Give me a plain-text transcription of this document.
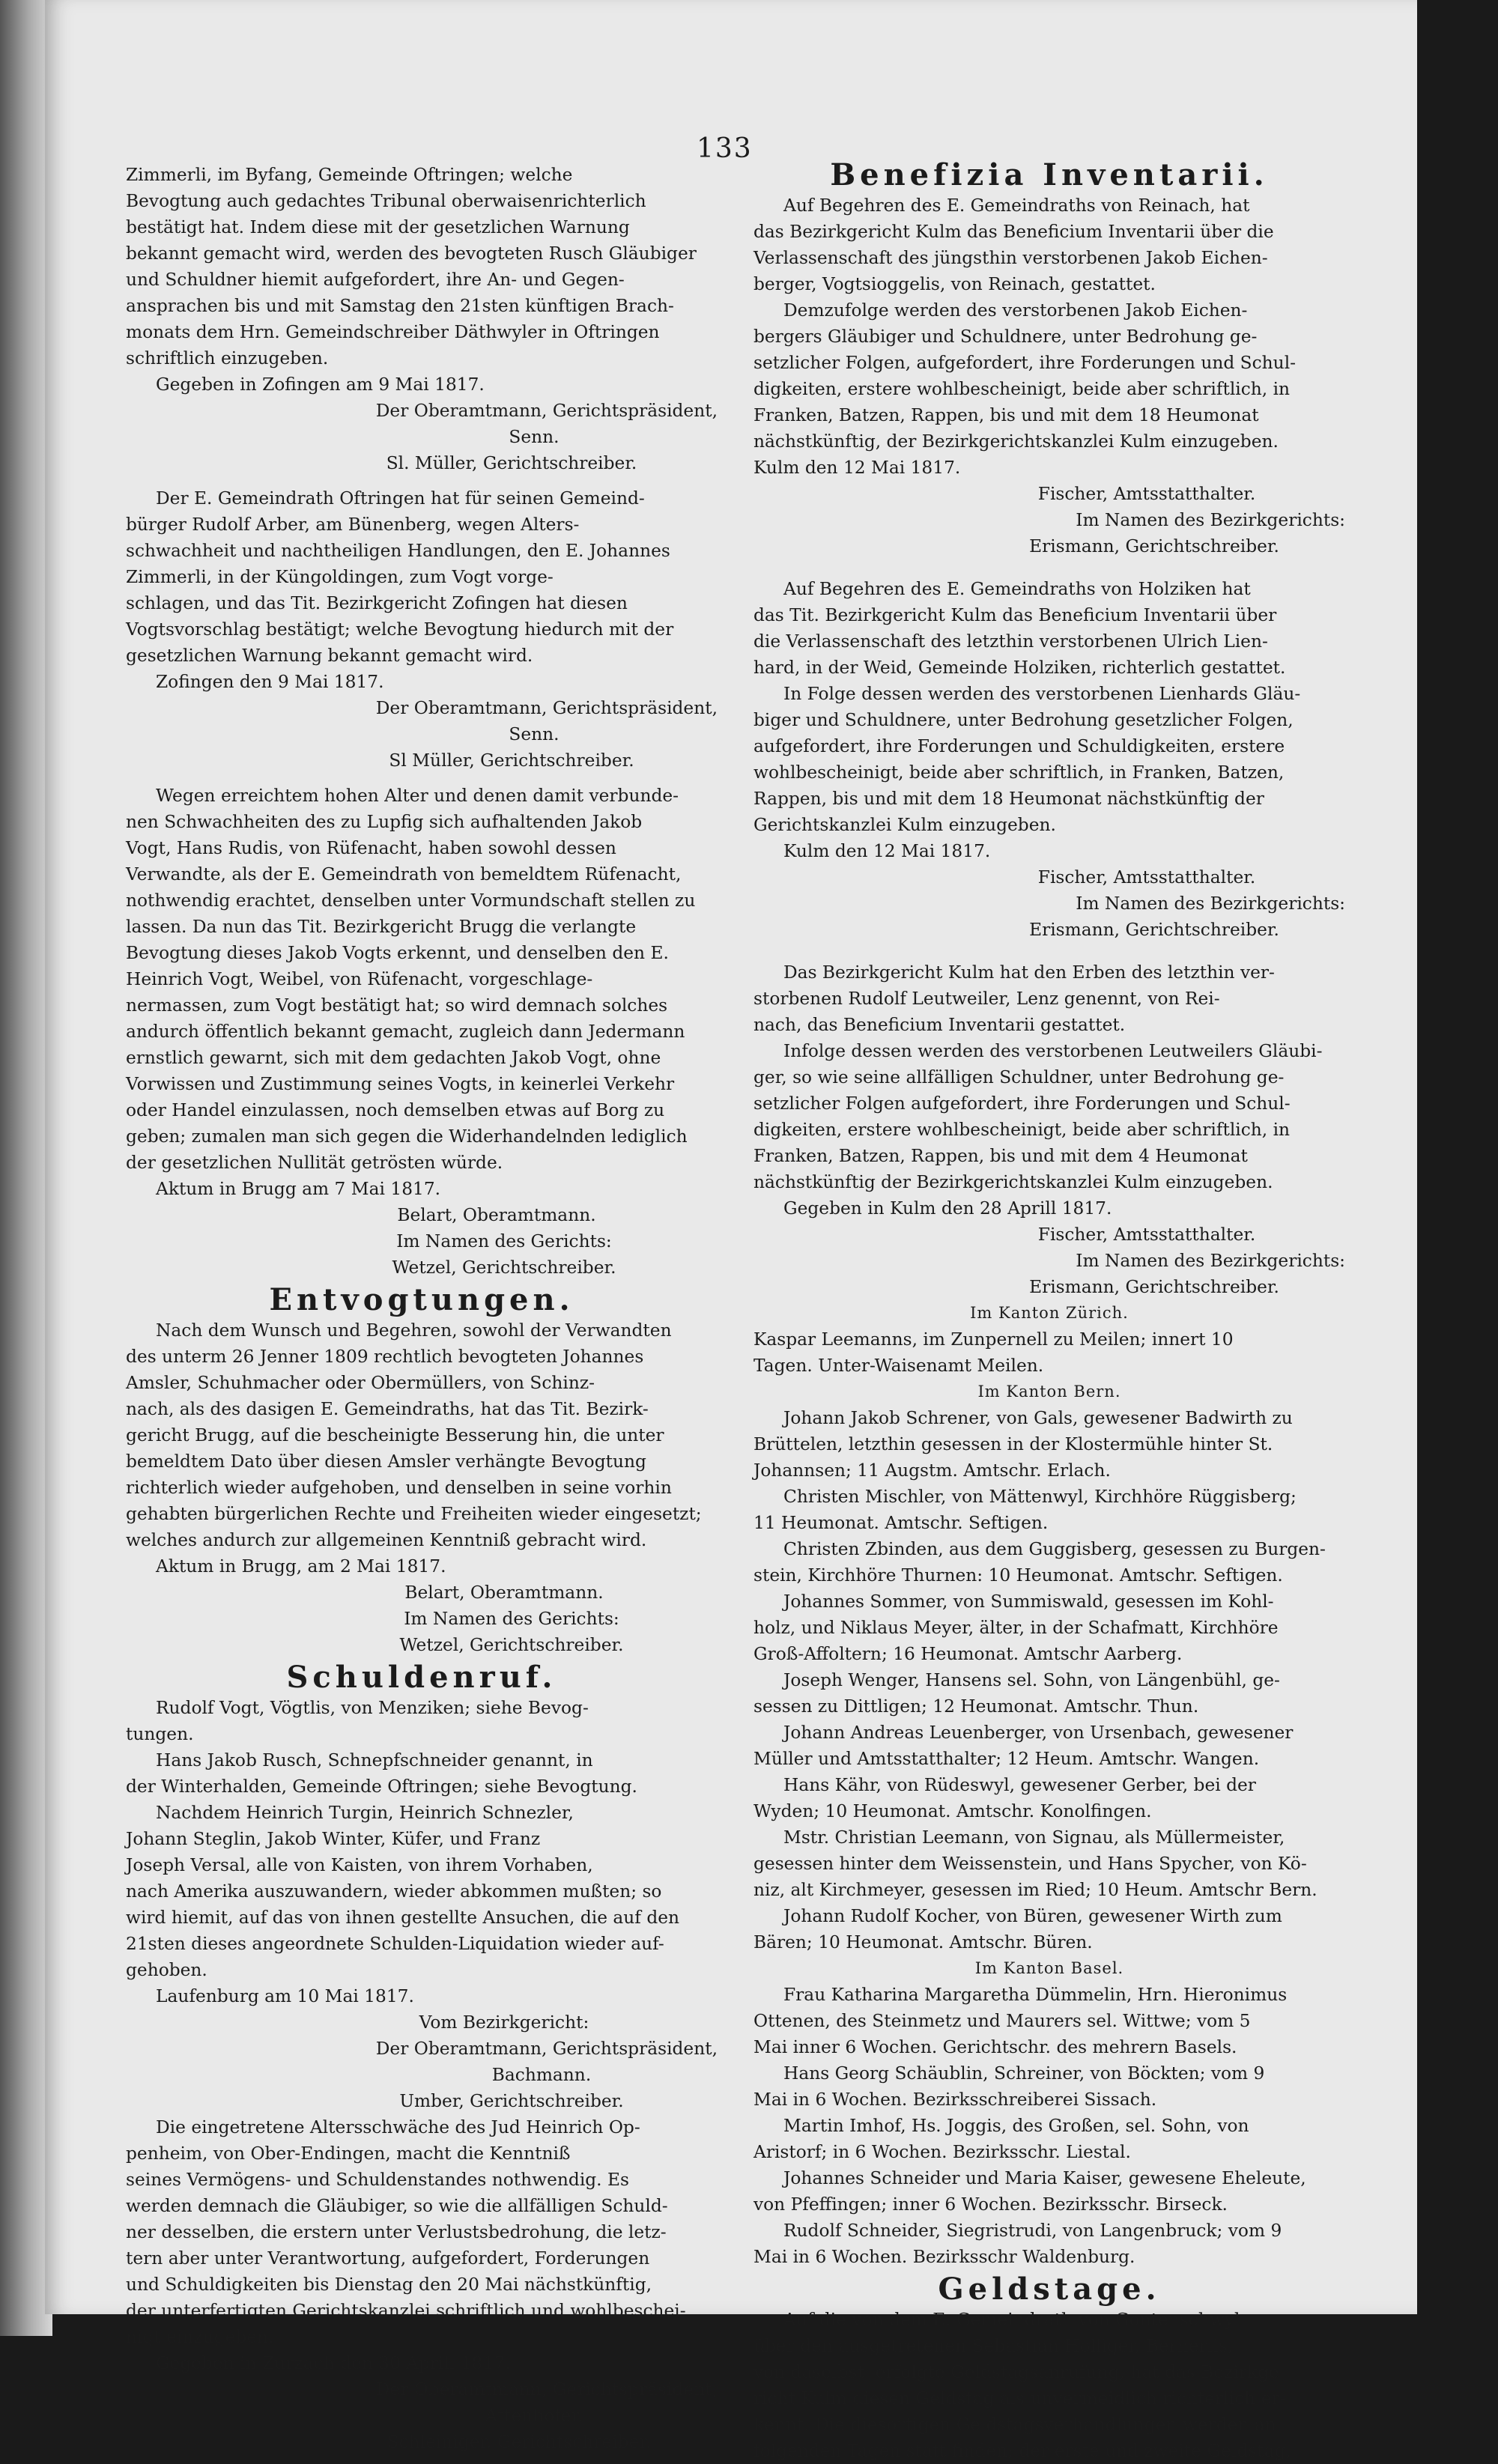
133

Zimmerli, im Byfang, Gemeinde Oftringen; welche

Bevogtung auch gedachtes Tribunal oberwaisenrichterlich

bestätigt hat. Indem diese mit der gesetzlichen Warnung

bekannt gemacht wird, werden des bevogteten Rusch Gläubiger

und Schuldner hiemit aufgefordert, ihre An- und Gegen-

ansprachen bis und mit Samstag den 21sten künftigen Brach-

monats dem Hrn. Gemeindschreiber Däthwyler in Oftringen

schriftlich einzugeben.

Gegeben in Zofingen am 9 Mai 1817.

Der Oberamtmann, Gerichtspräsident,

Senn.

Sl. Müller, Gerichtschreiber.

Der E. Gemeindrath Oftringen hat für seinen Gemeind-

bürger Rudolf Arber, am Bünenberg, wegen Alters-

schwachheit und nachtheiligen Handlungen, den E. Johannes

Zimmerli, in der Küngoldingen, zum Vogt vorge-

schlagen, und das Tit. Bezirkgericht Zofingen hat diesen

Vogtsvorschlag bestätigt; welche Bevogtung hiedurch mit der

gesetzlichen Warnung bekannt gemacht wird.

Zofingen den 9 Mai 1817.

Der Oberamtmann, Gerichtspräsident,

Senn.

Sl Müller, Gerichtschreiber.

Wegen erreichtem hohen Alter und denen damit verbunde-

nen Schwachheiten des zu Lupfig sich aufhaltenden Jakob

Vogt, Hans Rudis, von Rüfenacht, haben sowohl dessen

Verwandte, als der E. Gemeindrath von bemeldtem Rüfenacht,

nothwendig erachtet, denselben unter Vormundschaft stellen zu

lassen. Da nun das Tit. Bezirkgericht Brugg die verlangte

Bevogtung dieses Jakob Vogts erkennt, und denselben den E.

Heinrich Vogt, Weibel, von Rüfenacht, vorgeschlage-

nermassen, zum Vogt bestätigt hat; so wird demnach solches

andurch öffentlich bekannt gemacht, zugleich dann Jedermann

ernstlich gewarnt, sich mit dem gedachten Jakob Vogt, ohne

Vorwissen und Zustimmung seines Vogts, in keinerlei Verkehr

oder Handel einzulassen, noch demselben etwas auf Borg zu

geben; zumalen man sich gegen die Widerhandelnden lediglich

der gesetzlichen Nullität getrösten würde.

Aktum in Brugg am 7 Mai 1817.

Belart, Oberamtmann.

Im Namen des Gerichts:

Wetzel, Gerichtschreiber.

Entvogtungen.

Nach dem Wunsch und Begehren, sowohl der Verwandten

des unterm 26 Jenner 1809 rechtlich bevogteten Johannes

Amsler, Schuhmacher oder Obermüllers, von Schinz-

nach, als des dasigen E. Gemeindraths, hat das Tit. Bezirk-

gericht Brugg, auf die bescheinigte Besserung hin, die unter

bemeldtem Dato über diesen Amsler verhängte Bevogtung

richterlich wieder aufgehoben, und denselben in seine vorhin

gehabten bürgerlichen Rechte und Freiheiten wieder eingesetzt;

welches andurch zur allgemeinen Kenntniß gebracht wird.

Aktum in Brugg, am 2 Mai 1817.

Belart, Oberamtmann.

Im Namen des Gerichts:

Wetzel, Gerichtschreiber.

Schuldenruf.

Rudolf Vogt, Vögtlis, von Menziken; siehe Bevog-

tungen.

Hans Jakob Rusch, Schnepfschneider genannt, in

der Winterhalden, Gemeinde Oftringen; siehe Bevogtung.

Nachdem Heinrich Turgin, Heinrich Schnezler,

Johann Steglin, Jakob Winter, Küfer, und Franz

Joseph Versal, alle von Kaisten, von ihrem Vorhaben,

nach Amerika auszuwandern, wieder abkommen mußten; so

wird hiemit, auf das von ihnen gestellte Ansuchen, die auf den

21sten dieses angeordnete Schulden-Liquidation wieder auf-

gehoben.

Laufenburg am 10 Mai 1817.

Vom Bezirkgericht:

Der Oberamtmann, Gerichtspräsident,

Bachmann.

Umber, Gerichtschreiber.

Die eingetretene Altersschwäche des Jud Heinrich Op-

penheim, von Ober-Endingen, macht die Kenntniß

seines Vermögens- und Schuldenstandes nothwendig. Es

werden demnach die Gläubiger, so wie die allfälligen Schuld-

ner desselben, die erstern unter Verlustsbedrohung, die letz-

tern aber unter Verantwortung, aufgefordert, Forderungen

und Schuldigkeiten bis Dienstag den 20 Mai nächstkünftig,

der unterfertigten Gerichtskanzlei schriftlich und wohlbeschei-

nigt einzugeben.

Gegeben in Zurzach den 30 Aprill 1817.

Der Oberamtmann, Gerichtspräsident,

Attenhofer.

Schleiniger, Gerichtschreiber.

Benefizia Inventarii.

Auf Begehren des E. Gemeindraths von Reinach, hat

das Bezirkgericht Kulm das Beneficium Inventarii über die

Verlassenschaft des jüngsthin verstorbenen Jakob Eichen-

berger, Vogtsioggelis, von Reinach, gestattet.

Demzufolge werden des verstorbenen Jakob Eichen-

bergers Gläubiger und Schuldnere, unter Bedrohung ge-

setzlicher Folgen, aufgefordert, ihre Forderungen und Schul-

digkeiten, erstere wohlbescheinigt, beide aber schriftlich, in

Franken, Batzen, Rappen, bis und mit dem 18 Heumonat

nächstkünftig, der Bezirkgerichtskanzlei Kulm einzugeben.

Kulm den 12 Mai 1817.

Fischer, Amtsstatthalter.

Im Namen des Bezirkgerichts:

Erismann, Gerichtschreiber.

Auf Begehren des E. Gemeindraths von Holziken hat

das Tit. Bezirkgericht Kulm das Beneficium Inventarii über

die Verlassenschaft des letzthin verstorbenen Ulrich Lien-

hard, in der Weid, Gemeinde Holziken, richterlich gestattet.

In Folge dessen werden des verstorbenen Lienhards Gläu-

biger und Schuldnere, unter Bedrohung gesetzlicher Folgen,

aufgefordert, ihre Forderungen und Schuldigkeiten, erstere

wohlbescheinigt, beide aber schriftlich, in Franken, Batzen,

Rappen, bis und mit dem 18 Heumonat nächstkünftig der

Gerichtskanzlei Kulm einzugeben.

Kulm den 12 Mai 1817.

Fischer, Amtsstatthalter.

Im Namen des Bezirkgerichts:

Erismann, Gerichtschreiber.

Das Bezirkgericht Kulm hat den Erben des letzthin ver-

storbenen Rudolf Leutweiler, Lenz genennt, von Rei-

nach, das Beneficium Inventarii gestattet.

Infolge dessen werden des verstorbenen Leutweilers Gläubi-

ger, so wie seine allfälligen Schuldner, unter Bedrohung ge-

setzlicher Folgen aufgefordert, ihre Forderungen und Schul-

digkeiten, erstere wohlbescheinigt, beide aber schriftlich, in

Franken, Batzen, Rappen, bis und mit dem 4 Heumonat

nächstkünftig der Bezirkgerichtskanzlei Kulm einzugeben.

Gegeben in Kulm den 28 Aprill 1817.

Fischer, Amtsstatthalter.

Im Namen des Bezirkgerichts:

Erismann, Gerichtschreiber.

Im Kanton Zürich.

Kaspar Leemanns, im Zunpernell zu Meilen; innert 10

Tagen. Unter-Waisenamt Meilen.

Im Kanton Bern.

Johann Jakob Schrener, von Gals, gewesener Badwirth zu

Brüttelen, letzthin gesessen in der Klostermühle hinter St.

Johannsen; 11 Augstm. Amtschr. Erlach.

Christen Mischler, von Mättenwyl, Kirchhöre Rüggisberg;

11 Heumonat. Amtschr. Seftigen.

Christen Zbinden, aus dem Guggisberg, gesessen zu Burgen-

stein, Kirchhöre Thurnen: 10 Heumonat. Amtschr. Seftigen.

Johannes Sommer, von Summiswald, gesessen im Kohl-

holz, und Niklaus Meyer, älter, in der Schafmatt, Kirchhöre

Groß-Affoltern; 16 Heumonat. Amtschr Aarberg.

Joseph Wenger, Hansens sel. Sohn, von Längenbühl, ge-

sessen zu Dittligen; 12 Heumonat. Amtschr. Thun.

Johann Andreas Leuenberger, von Ursenbach, gewesener

Müller und Amtsstatthalter; 12 Heum. Amtschr. Wangen.

Hans Kähr, von Rüdeswyl, gewesener Gerber, bei der

Wyden; 10 Heumonat. Amtschr. Konolfingen.

Mstr. Christian Leemann, von Signau, als Müllermeister,

gesessen hinter dem Weissenstein, und Hans Spycher, von Kö-

niz, alt Kirchmeyer, gesessen im Ried; 10 Heum. Amtschr Bern.

Johann Rudolf Kocher, von Büren, gewesener Wirth zum

Bären; 10 Heumonat. Amtschr. Büren.

Im Kanton Basel.

Frau Katharina Margaretha Dümmelin, Hrn. Hieronimus

Ottenen, des Steinmetz und Maurers sel. Wittwe; vom 5

Mai inner 6 Wochen. Gerichtschr. des mehrern Basels.

Hans Georg Schäublin, Schreiner, von Böckten; vom 9

Mai in 6 Wochen. Bezirksschreiberei Sissach.

Martin Imhof, Hs. Joggis, des Großen, sel. Sohn, von

Aristorf; in 6 Wochen. Bezirksschr. Liestal.

Johannes Schneider und Maria Kaiser, gewesene Eheleute,

von Pfeffingen; inner 6 Wochen. Bezirksschr. Birseck.

Rudolf Schneider, Siegristrudi, von Langenbruck; vom 9

Mai in 6 Wochen. Bezirksschr Waldenburg.

Geldstage.

Auf die von dem E. Gemeindrath von Gontenschwyl

über den ausgetretenen Sebastian Holliger, Bernerlis,

von daselbst, erfolgte Geldstagsanrufung, hat das Bezirkge-

richt Kulm diesen Geldstag als unvermeidlich richterlich er-

kennt. Die diesörtigen Geldstagsverhandlungen werden an

folgenden Tagen statt finden; der erste und zweite Geldstag,
